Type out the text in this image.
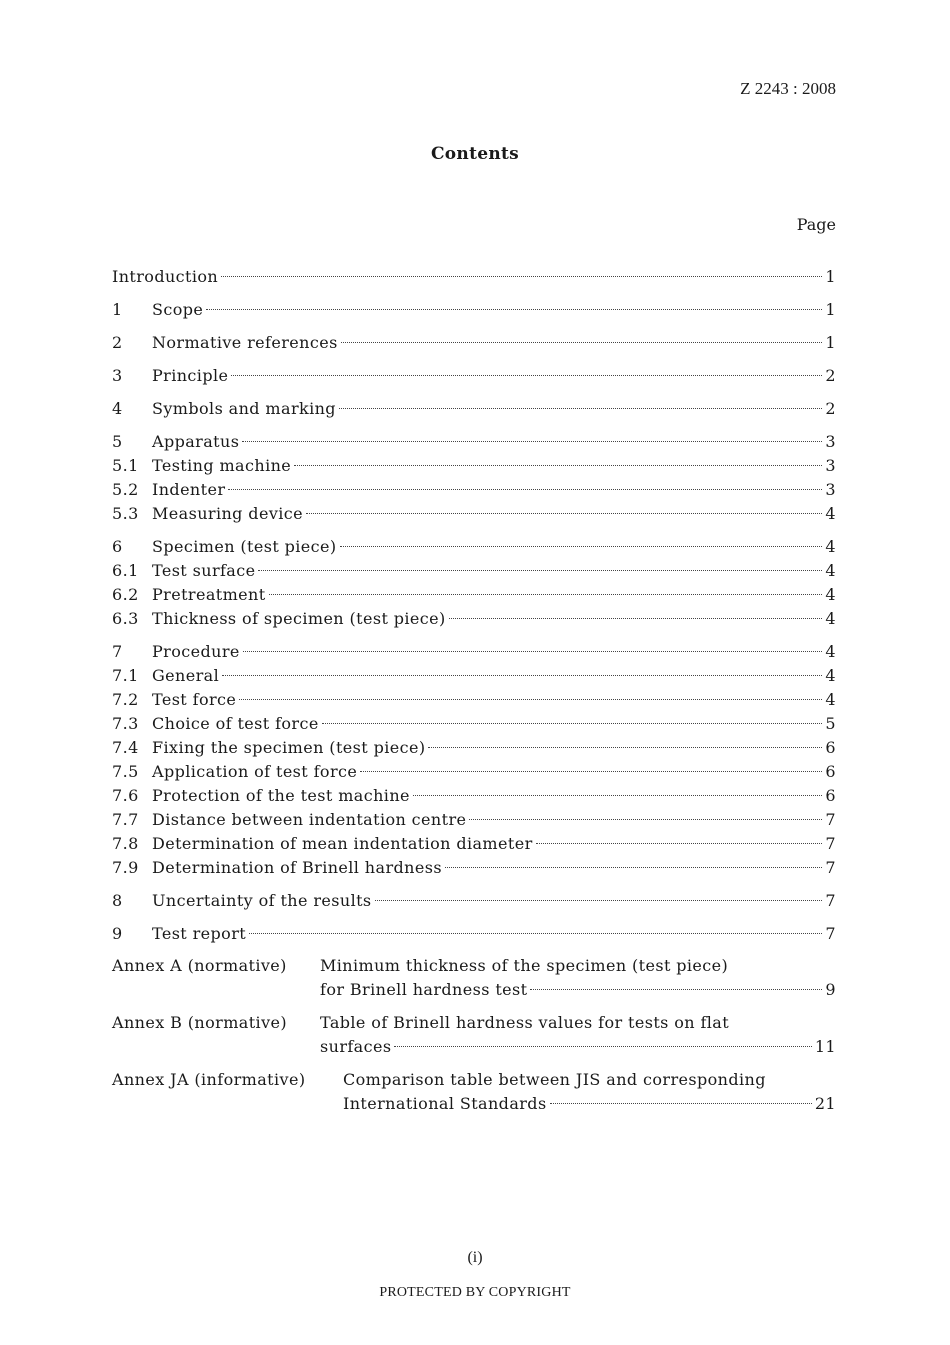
Z 2243 : 2008
Contents
Page
Introduction	1
1	Scope	1
2	Normative references	1
3	Principle	2
4	Symbols and marking	2
5	Apparatus	3
5.1 Testing machine	3
5.2 Indenter	3
5.3 Measuring device	4
6	Specimen (test piece)	4
6.1 Test surface	4
6.2 Pretreatment	4
6.3 Thickness of specimen (test piece)	4
7	Procedure	4
7.1 General	4
7.2 Test force	4
7.3 Choice of test force	5
7.4 Fixing the specimen (test piece)	6
7.5 Application of test force	6
7.6 Protection of the test machine	6
7.7 Distance between indentation centre	7
7.8 Determination of mean indentation diameter	7
7.9 Determination of Brinell hardness	7
8	Uncertainty of the results	7
9	Test report	7
Annex A (normative) Minimum thickness of the specimen (test piece)
for Brinell hardness test	9
Annex B (normative) Table of Brinell hardness values for tests on flat
surfaces	11
Annex JA (informative) Comparison table between JIS and corresponding
International Standards	21
(i)
PROTECTED BY COPYRIGHT
